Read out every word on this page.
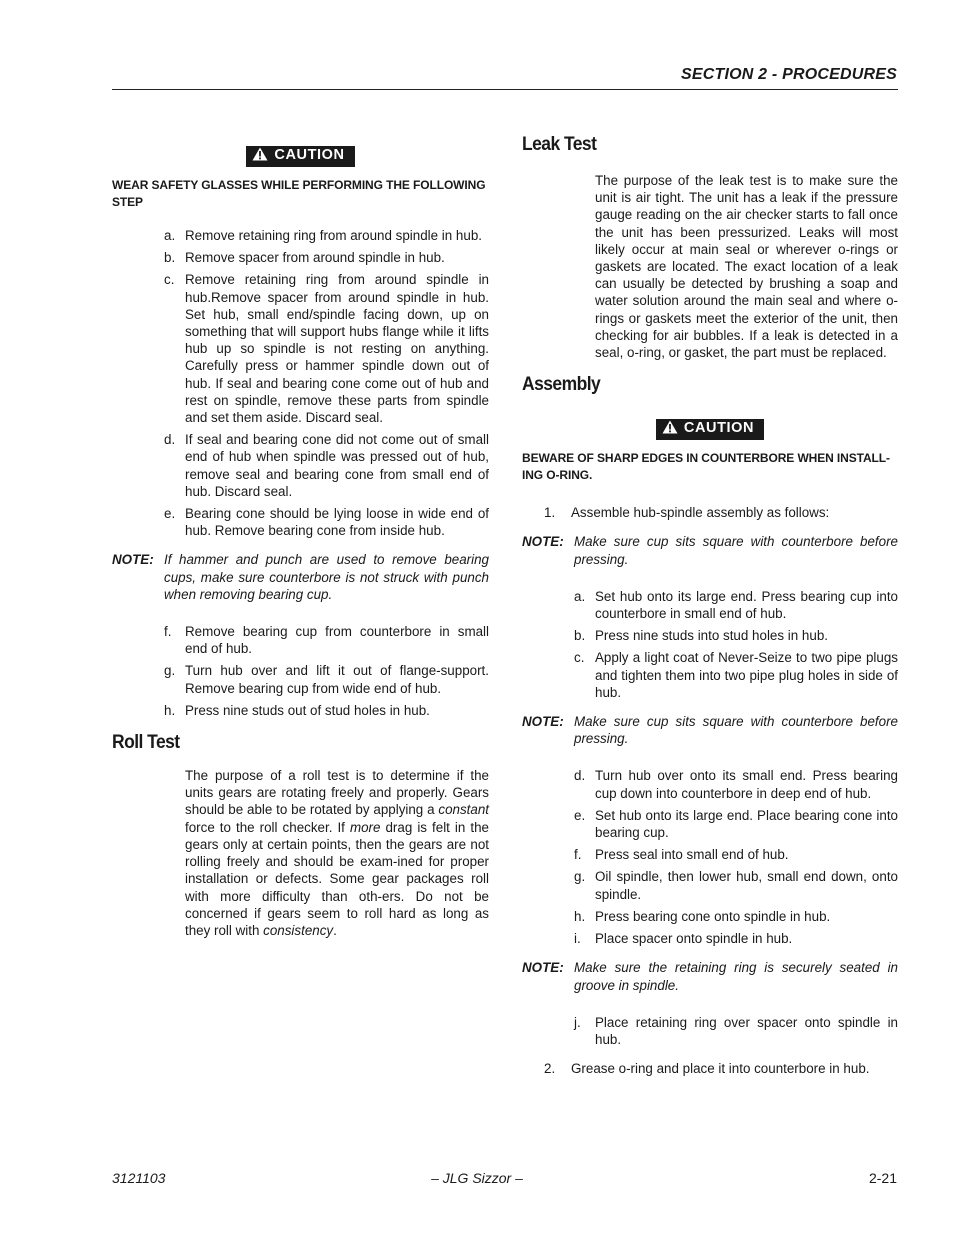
SECTION 2 - PROCEDURES
CAUTION
WEAR SAFETY GLASSES WHILE PERFORMING THE FOLLOWING STEP
a. Remove retaining ring from around spindle in hub.
b. Remove spacer from around spindle in hub.
c. Remove retaining ring from around spindle in hub.Remove spacer from around spindle in hub. Set hub, small end/spindle facing down, up on something that will support hubs flange while it lifts hub up so spindle is not resting on anything. Carefully press or hammer spindle down out of hub. If seal and bearing cone come out of hub and rest on spindle, remove these parts from spindle and set them aside. Discard seal.
d. If seal and bearing cone did not come out of small end of hub when spindle was pressed out of hub, remove seal and bearing cone from small end of hub. Discard seal.
e. Bearing cone should be lying loose in wide end of hub. Remove bearing cone from inside hub.
NOTE: If hammer and punch are used to remove bearing cups, make sure counterbore is not struck with punch when removing bearing cup.
f.	Remove bearing cup from counterbore in small end of hub.
g. Turn hub over and lift it out of flange-support. Remove bearing cup from wide end of hub.
h. Press nine studs out of stud holes in hub.
Roll Test
The purpose of a roll test is to determine if the units gears are rotating freely and properly. Gears should be able to be rotated by applying a constant force to the roll checker. If more drag is felt in the gears only at certain points, then the gears are not rolling freely and should be exam-ined for proper installation or defects. Some gear packages roll with more difficulty than oth-ers. Do not be concerned if gears seem to roll hard as long as they roll with consistency.
Leak Test
The purpose of the leak test is to make sure the unit is air tight. The unit has a leak if the pressure gauge reading on the air checker starts to fall once the unit has been pressurized. Leaks will most likely occur at main seal or wherever o-rings or gaskets are located. The exact location of a leak can usually be detected by brushing a soap and water solution around the main seal and where o-rings or gaskets meet the exterior of the unit, then checking for air bubbles. If a leak is detected in a seal, o-ring, or gasket, the part must be replaced.
Assembly
CAUTION
BEWARE OF SHARP EDGES IN COUNTERBORE WHEN INSTALL-ING O-RING.
1.	Assemble hub-spindle assembly as follows:
NOTE: Make sure cup sits square with counterbore before pressing.
a. Set hub onto its large end. Press bearing cup into counterbore in small end of hub.
b. Press nine studs into stud holes in hub.
c. Apply a light coat of Never-Seize to two pipe plugs and tighten them into two pipe plug holes in side of hub.
NOTE: Make sure cup sits square with counterbore before pressing.
d. Turn hub over onto its small end. Press bearing cup down into counterbore in deep end of hub.
e. Set hub onto its large end. Place bearing cone into bearing cup.
f.	Press seal into small end of hub.
g. Oil spindle, then lower hub, small end down, onto spindle.
h. Press bearing cone onto spindle in hub.
i.	Place spacer onto spindle in hub.
NOTE: Make sure the retaining ring is securely seated in groove in spindle.
j.	Place retaining ring over spacer onto spindle in hub.
2.	Grease o-ring and place it into counterbore in hub.
3121103	– JLG Sizzor –	2-21
